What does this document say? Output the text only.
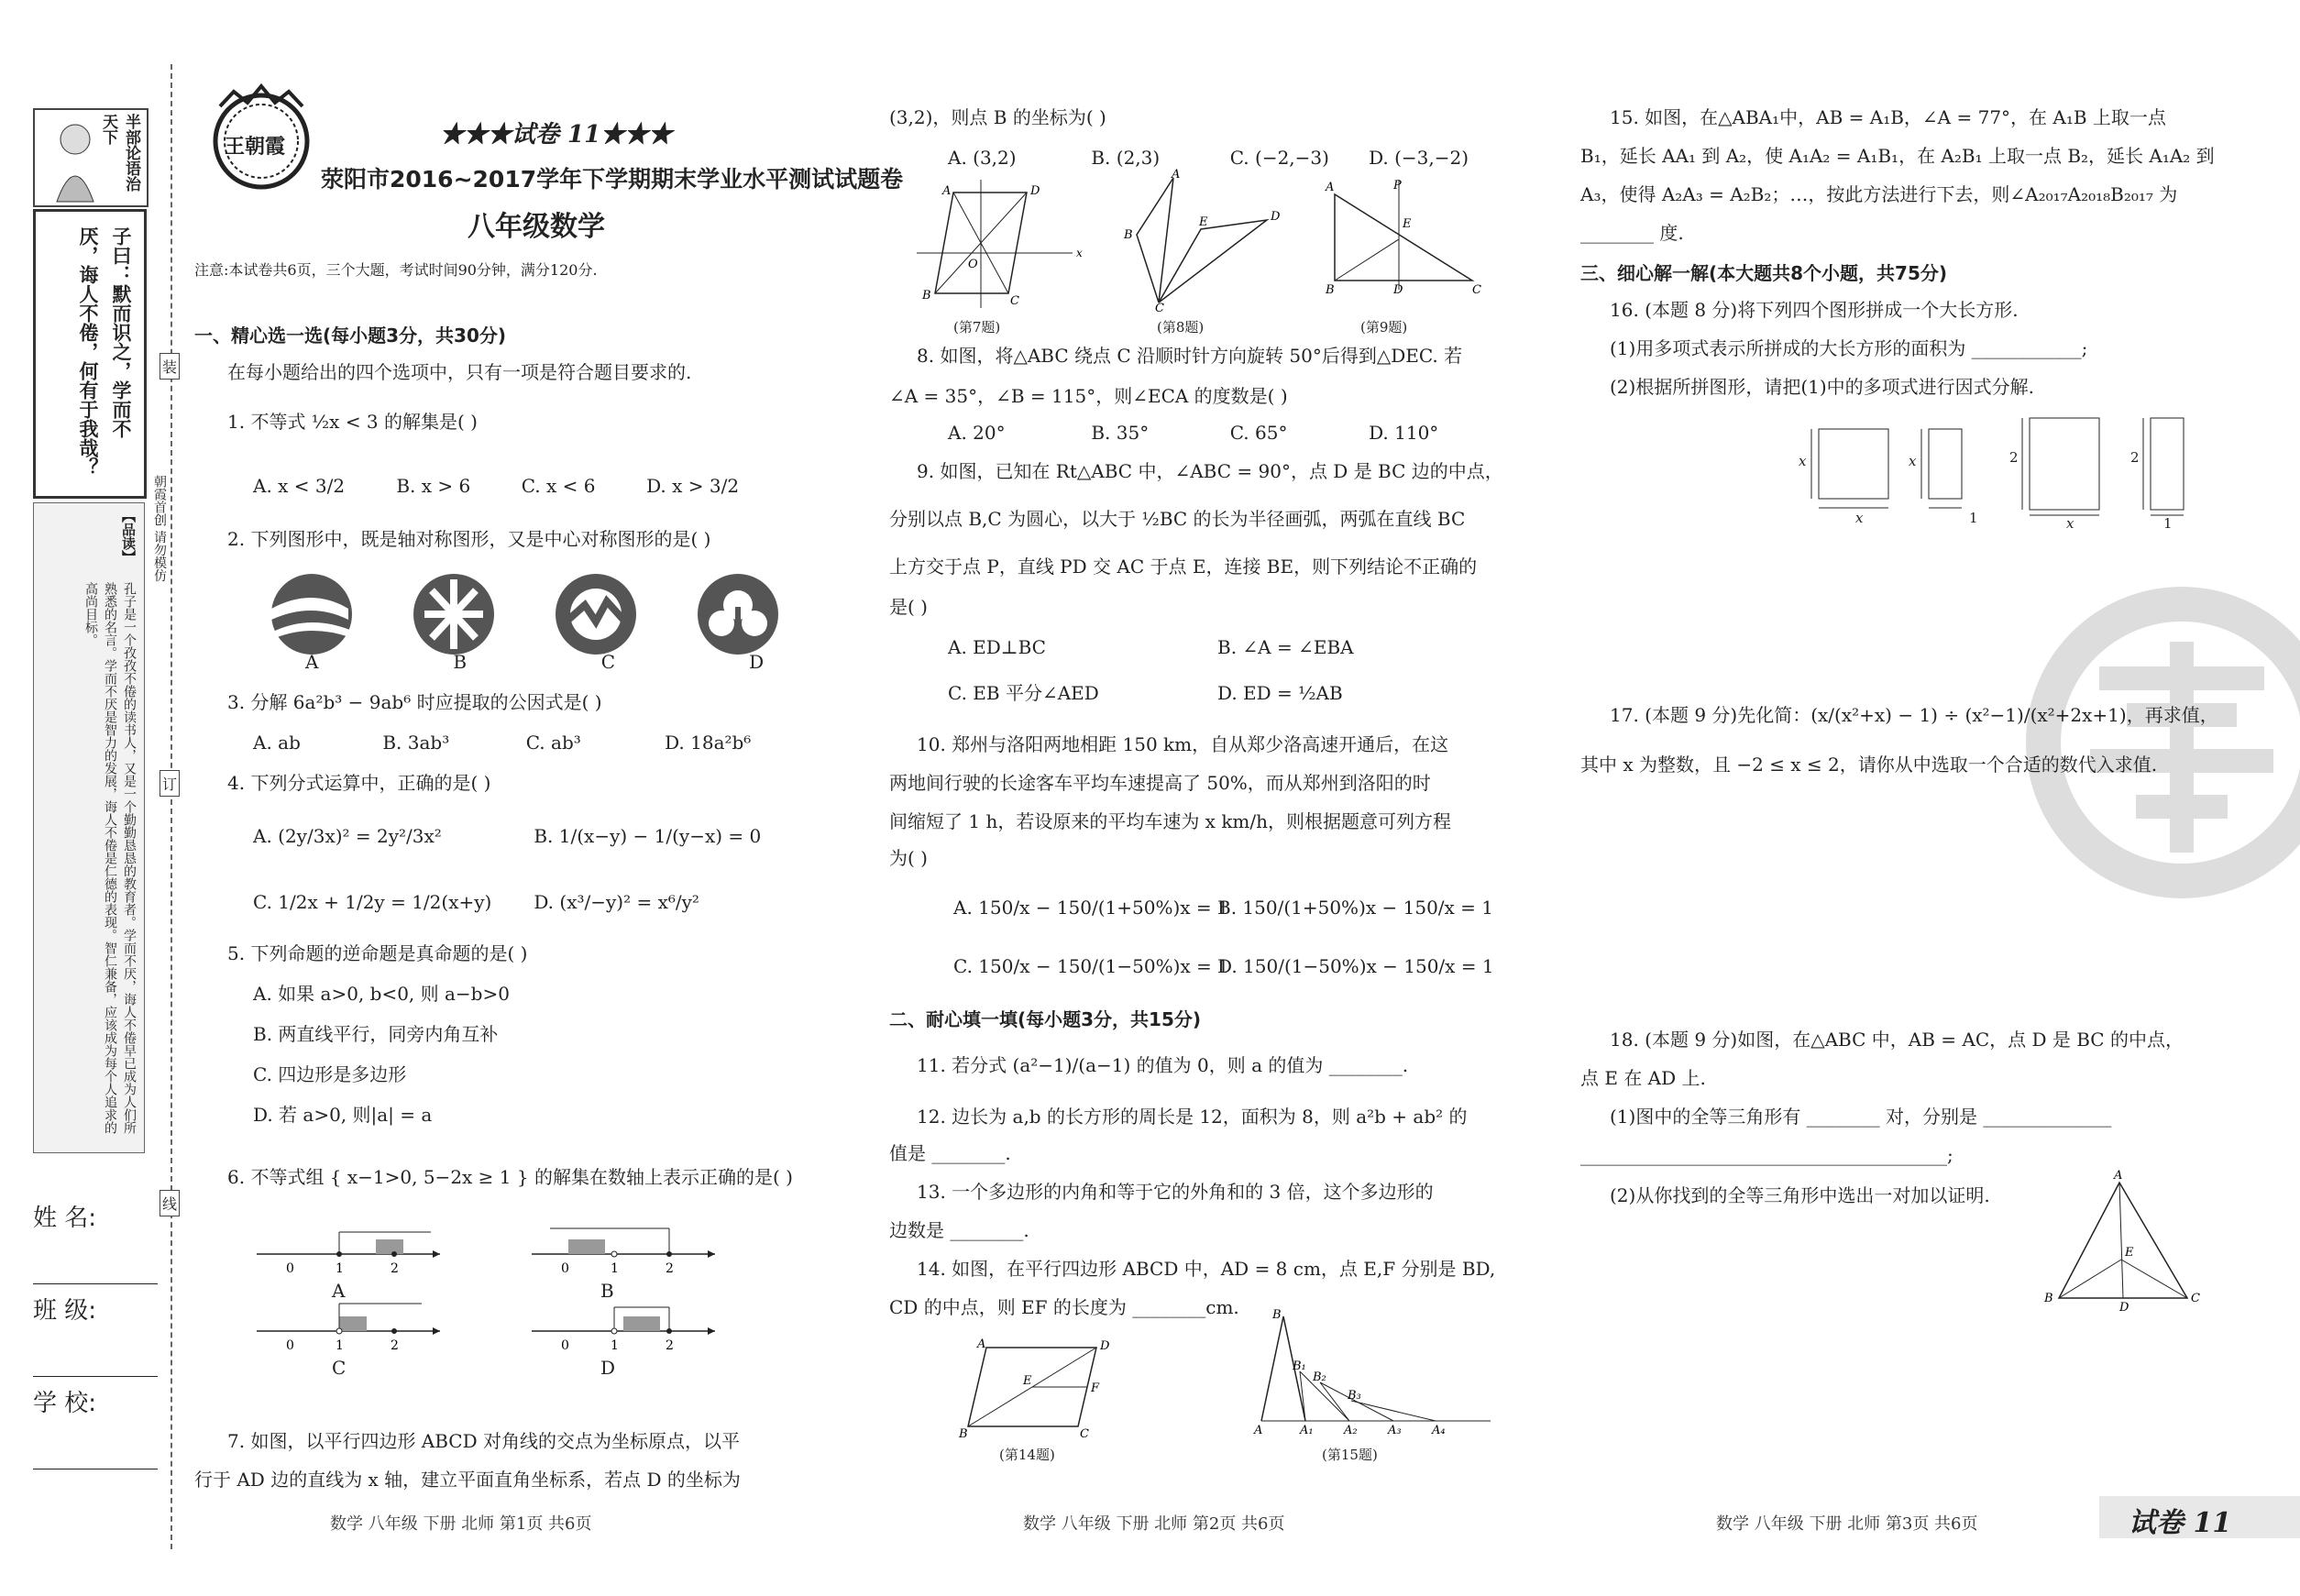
半部论语治天下
子曰：默而识之，学而不
厌，诲人不倦，何有于我哉？
【品读】
孔子是一个孜孜不倦的读书人，又是一个勤勤恳恳的教育者。学而不厌，诲人不倦早已成为人们所熟悉的名言。学而不厌是智力的发展，诲人不倦是仁德的表现。智仁兼备，应该成为每个人追求的高尚目标。
姓 名:
班 级:
学 校:
装
订
线
朝霞首创 请勿模仿
王朝霞	★★★试卷 11★★★
荥阳市2016~2017学年下学期期末学业水平测试试题卷
八年级数学
注意:本试卷共6页，三个大题，考试时间90分钟，满分120分.
一、精心选一选(每小题3分，共30分)
在每小题给出的四个选项中，只有一项是符合题目要求的.
1. 不等式 ½x < 3 的解集是( )
A. x < 3/2	B. x > 6	C. x < 6	D. x > 3/2
2. 下列图形中，既是轴对称图形，又是中心对称图形的是( )
A	B	C	D
3. 分解 6a²b³ − 9ab⁶ 时应提取的公因式是( )
A. ab	B. 3ab³	C. ab³	D. 18a²b⁶
4. 下列分式运算中，正确的是( )
A. (2y/3x)² = 2y²/3x²	B. 1/(x−y) − 1/(y−x) = 0
C. 1/2x + 1/2y = 1/2(x+y) D. (x³/−y)² = x⁶/y²
5. 下列命题的逆命题是真命题的是( )
A. 如果 a>0, b<0, 则 a−b>0
B. 两直线平行，同旁内角互补
C. 四边形是多边形
D. 若 a>0, 则|a| = a
6. 不等式组 { x−1>0, 5−2x ≥ 1 } 的解集在数轴上表示正确的是( )
0	1	2	0	1	2
0	1	2	0	1	2
A	B
C	D
7. 如图，以平行四边形 ABCD 对角线的交点为坐标原点，以平
行于 AD 边的直线为 x 轴，建立平面直角坐标系，若点 D 的坐标为
数学 八年级 下册 北师 第1页 共6页
(3,2)，则点 B 的坐标为( )
A. (3,2)	B. (2,3)	C. (−2,−3) D. (−3,−2)
A	D
B	C
O
x
A
B
C
E	D
A
B	D	C
P
E
(第7题)	(第8题)	(第9题)
8. 如图，将△ABC 绕点 C 沿顺时针方向旋转 50°后得到△DEC. 若
∠A = 35°，∠B = 115°，则∠ECA 的度数是( )
A. 20°	B. 35°	C. 65°	D. 110°
9. 如图，已知在 Rt△ABC 中，∠ABC = 90°，点 D 是 BC 边的中点，
分别以点 B,C 为圆心，以大于 ½BC 的长为半径画弧，两弧在直线 BC
上方交于点 P，直线 PD 交 AC 于点 E，连接 BE，则下列结论不正确的
是( )
A. ED⊥BC	B. ∠A = ∠EBA
C. EB 平分∠AED	D. ED = ½AB
10. 郑州与洛阳两地相距 150 km，自从郑少洛高速开通后，在这
两地间行驶的长途客车平均车速提高了 50%，而从郑州到洛阳的时
间缩短了 1 h，若设原来的平均车速为 x km/h，则根据题意可列方程
为( )
A. 150/x − 150/(1+50%)x = 1
B. 150/(1+50%)x − 150/x = 1
C. 150/x − 150/(1−50%)x = 1
D. 150/(1−50%)x − 150/x = 1
二、耐心填一填(每小题3分，共15分)
11. 若分式 (a²−1)/(a−1) 的值为 0，则 a 的值为 ________.
12. 边长为 a,b 的长方形的周长是 12，面积为 8，则 a²b + ab² 的
值是 ________.
13. 一个多边形的内角和等于它的外角和的 3 倍，这个多边形的
边数是 ________.
14. 如图，在平行四边形 ABCD 中，AD = 8 cm，点 E,F 分别是 BD,
CD 的中点，则 EF 的长度为 ________cm.
A	D
B	C
E
F
A	A₁	A₂	A₃	A₄
B
B₁
B₂
B₃
(第14题)	(第15题)
数学 八年级 下册 北师 第2页 共6页
15. 如图，在△ABA₁中，AB = A₁B，∠A = 77°，在 A₁B 上取一点
B₁，延长 AA₁ 到 A₂，使 A₁A₂ = A₁B₁，在 A₂B₁ 上取一点 B₂，延长 A₁A₂ 到
A₃，使得 A₂A₃ = A₂B₂；…，按此方法进行下去，则∠A₂₀₁₇A₂₀₁₈B₂₀₁₇ 为
________ 度.
三、细心解一解(本大题共8个小题，共75分)
16. (本题 8 分)将下列四个图形拼成一个大长方形.
(1)用多项式表示所拼成的大长方形的面积为 ____________;
(2)根据所拼图形，请把(1)中的多项式进行因式分解.
x
x
x
1
2
x
2
1
17. (本题 9 分)先化简：(x/(x²+x) − 1) ÷ (x²−1)/(x²+2x+1)，再求值，
其中 x 为整数，且 −2 ≤ x ≤ 2，请你从中选取一个合适的数代入求值.
18. (本题 9 分)如图，在△ABC 中，AB = AC，点 D 是 BC 的中点，
点 E 在 AD 上.
(1)图中的全等三角形有 ________ 对，分别是 ______________
________________________________________;
(2)从你找到的全等三角形中选出一对加以证明.
A
B
D
C
E
数学 八年级 下册 北师 第3页 共6页	试卷 11
